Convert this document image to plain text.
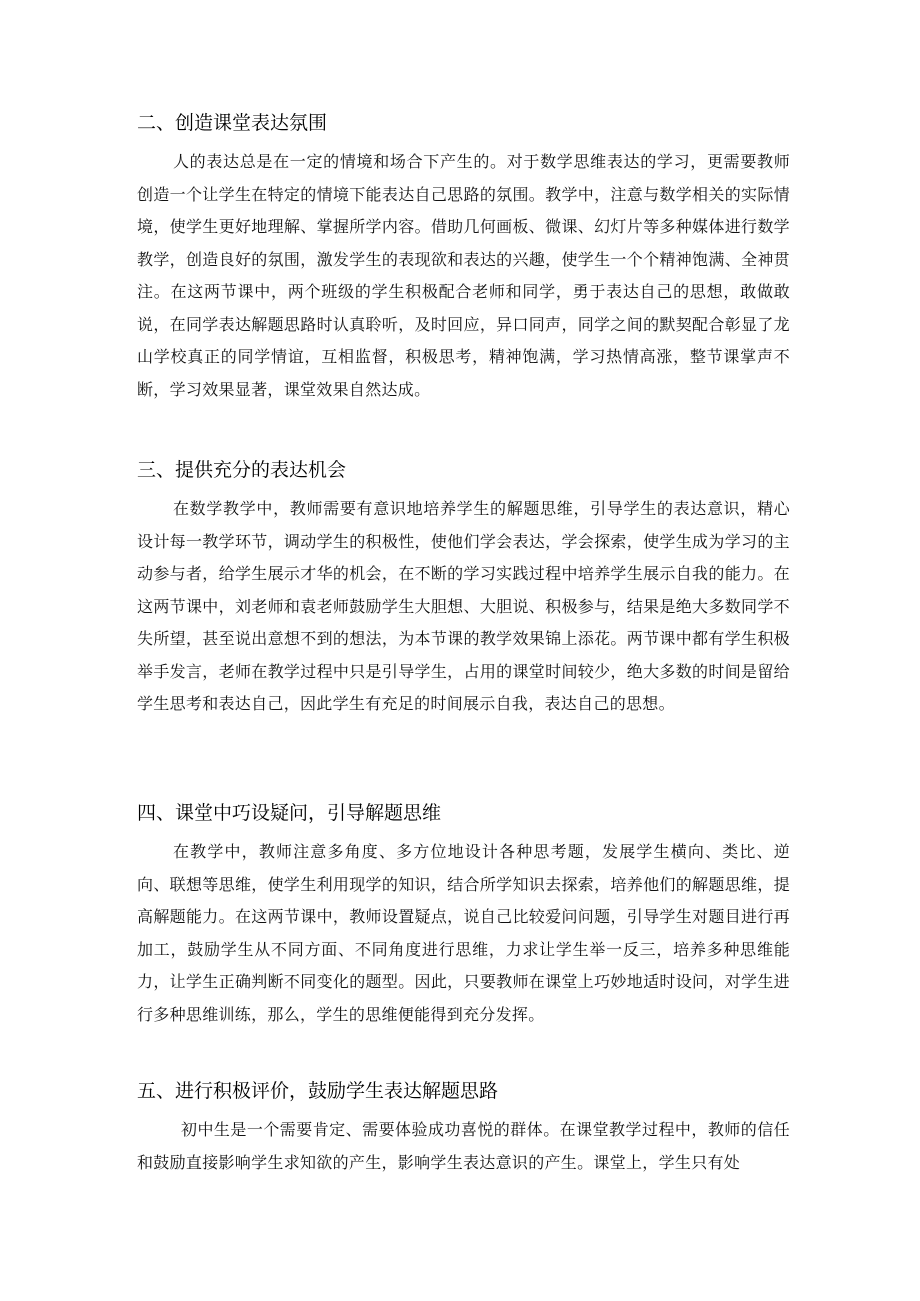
二、创造课堂表达氛围

人的表达总是在一定的情境和场合下产生的。对于数学思维表达的学习，更需要教师创造一个让学生在特定的情境下能表达自己思路的氛围。教学中，注意与数学相关的实际情境，使学生更好地理解、掌握所学内容。借助几何画板、微课、幻灯片等多种媒体进行数学教学，创造良好的氛围，激发学生的表现欲和表达的兴趣，使学生一个个精神饱满、全神贯注。在这两节课中，两个班级的学生积极配合老师和同学，勇于表达自己的思想，敢做敢说，在同学表达解题思路时认真聆听，及时回应，异口同声，同学之间的默契配合彰显了龙山学校真正的同学情谊，互相监督，积极思考，精神饱满，学习热情高涨，整节课掌声不断，学习效果显著，课堂效果自然达成。

三、提供充分的表达机会

在数学教学中，教师需要有意识地培养学生的解题思维，引导学生的表达意识，精心设计每一教学环节，调动学生的积极性，使他们学会表达，学会探索，使学生成为学习的主动参与者，给学生展示才华的机会，在不断的学习实践过程中培养学生展示自我的能力。在这两节课中，刘老师和袁老师鼓励学生大胆想、大胆说、积极参与，结果是绝大多数同学不失所望，甚至说出意想不到的想法，为本节课的教学效果锦上添花。两节课中都有学生积极举手发言，老师在教学过程中只是引导学生，占用的课堂时间较少，绝大多数的时间是留给学生思考和表达自己，因此学生有充足的时间展示自我，表达自己的思想。

四、课堂中巧设疑问，引导解题思维

在教学中，教师注意多角度、多方位地设计各种思考题，发展学生横向、类比、逆向、联想等思维，使学生利用现学的知识，结合所学知识去探索，培养他们的解题思维，提高解题能力。在这两节课中，教师设置疑点，说自己比较爱问问题，引导学生对题目进行再加工，鼓励学生从不同方面、不同角度进行思维，力求让学生举一反三，培养多种思维能力，让学生正确判断不同变化的题型。因此，只要教师在课堂上巧妙地适时设问，对学生进行多种思维训练，那么，学生的思维便能得到充分发挥。

五、进行积极评价，鼓励学生表达解题思路

初中生是一个需要肯定、需要体验成功喜悦的群体。在课堂教学过程中，教师的信任和鼓励直接影响学生求知欲的产生，影响学生表达意识的产生。课堂上，学生只有处
